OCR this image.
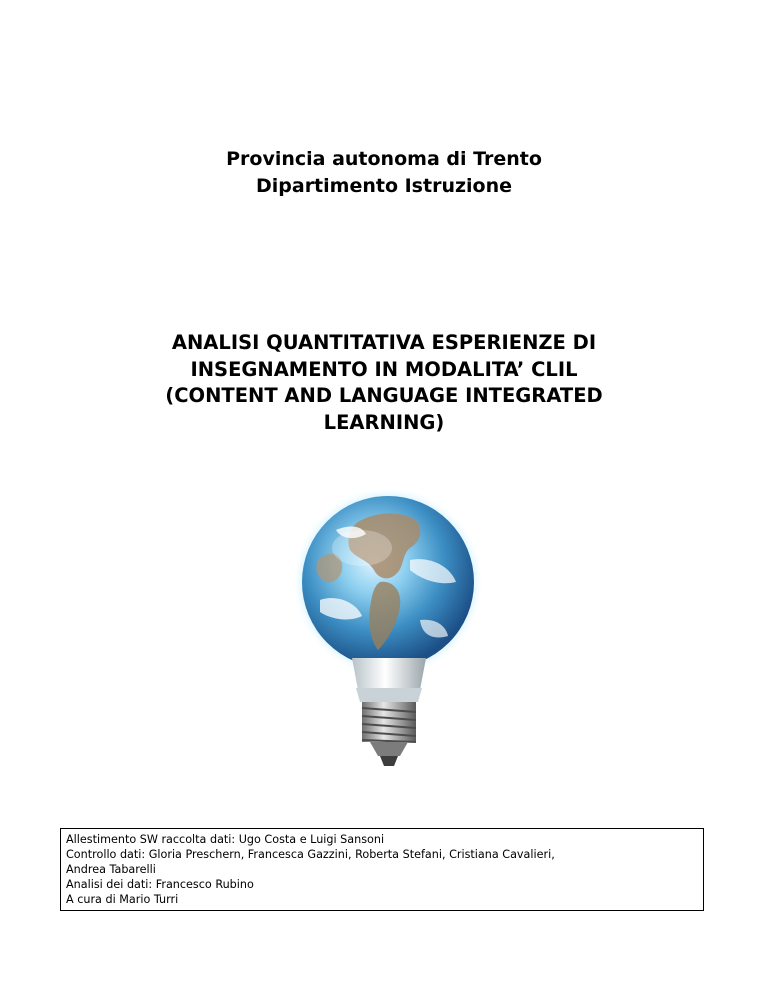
Provincia autonoma di Trento
Dipartimento Istruzione
ANALISI QUANTITATIVA ESPERIENZE DI
INSEGNAMENTO IN MODALITA’ CLIL
(CONTENT AND LANGUAGE INTEGRATED
LEARNING)
Allestimento SW raccolta dati: Ugo Costa e Luigi Sansoni
Controllo dati: Gloria Preschern, Francesca Gazzini, Roberta Stefani, Cristiana Cavalieri,
Andrea Tabarelli
Analisi dei dati: Francesco Rubino
A cura di Mario Turri
